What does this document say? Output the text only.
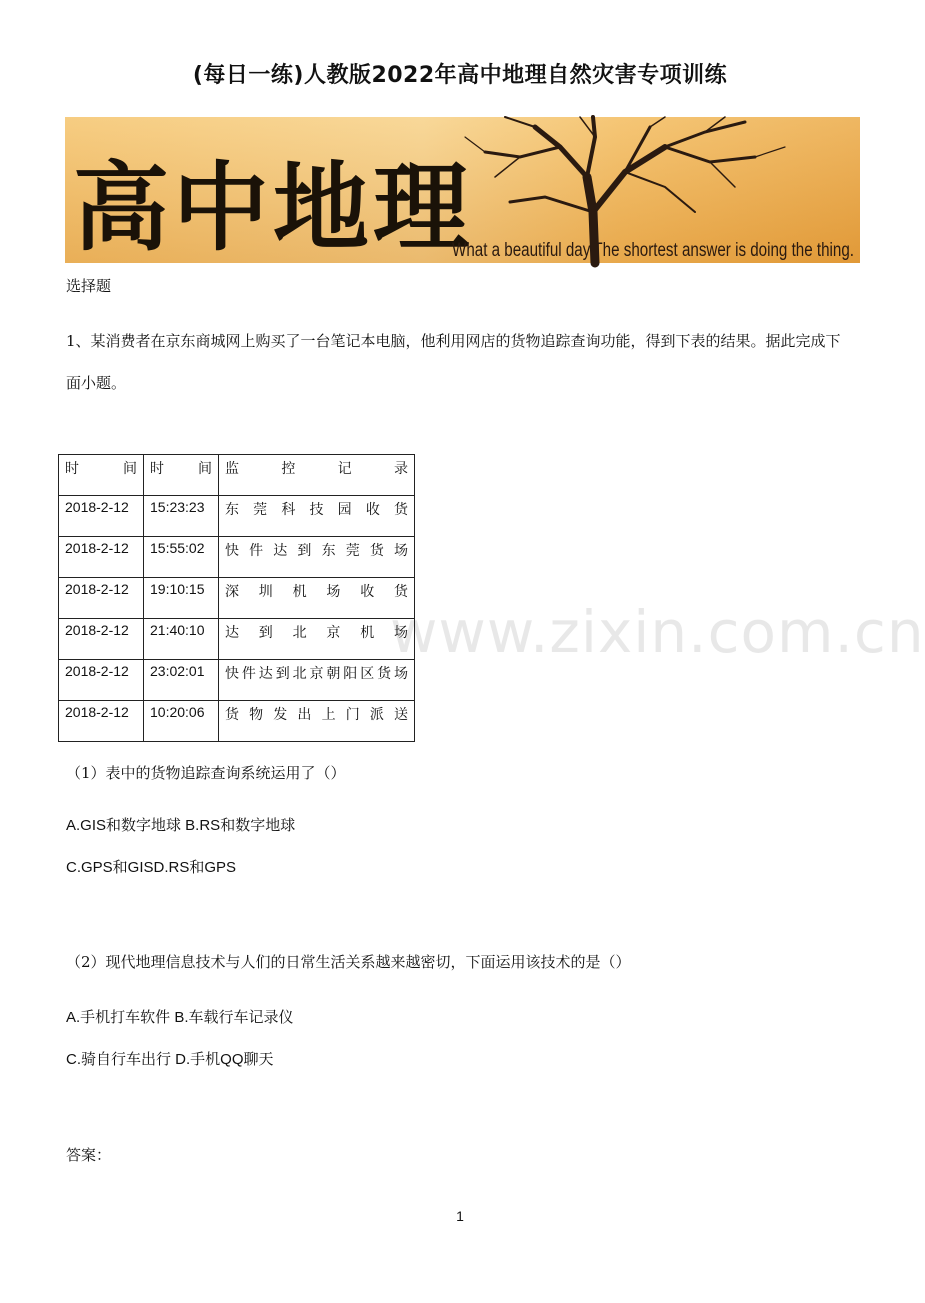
(每日一练)人教版2022年高中地理自然灾害专项训练
高中地理
What a beautiful day.The shortest answer is doing the thing.
选择题
1、某消费者在京东商城网上购买了一台笔记本电脑，他利用网店的货物追踪查询功能，得到下表的结果。据此完成下面小题。
www.zixin.com.cn
时间	时间	监控记录
2018-2-12	15:23:23	东莞科技园收货
2018-2-12	15:55:02	快件达到东莞货场
2018-2-12	19:10:15	深圳机场收货
2018-2-12	21:40:10	达到北京机场
2018-2-12	23:02:01	快件达到北京朝阳区货场
2018-2-12	10:20:06	货物发出上门派送
（1）表中的货物追踪查询系统运用了（）
A.GIS和数字地球 B.RS和数字地球
C.GPS和GISD.RS和GPS
（2）现代地理信息技术与人们的日常生活关系越来越密切，下面运用该技术的是（）
A.手机打车软件 B.车载行车记录仪
C.骑自行车出行 D.手机QQ聊天
答案：
1
